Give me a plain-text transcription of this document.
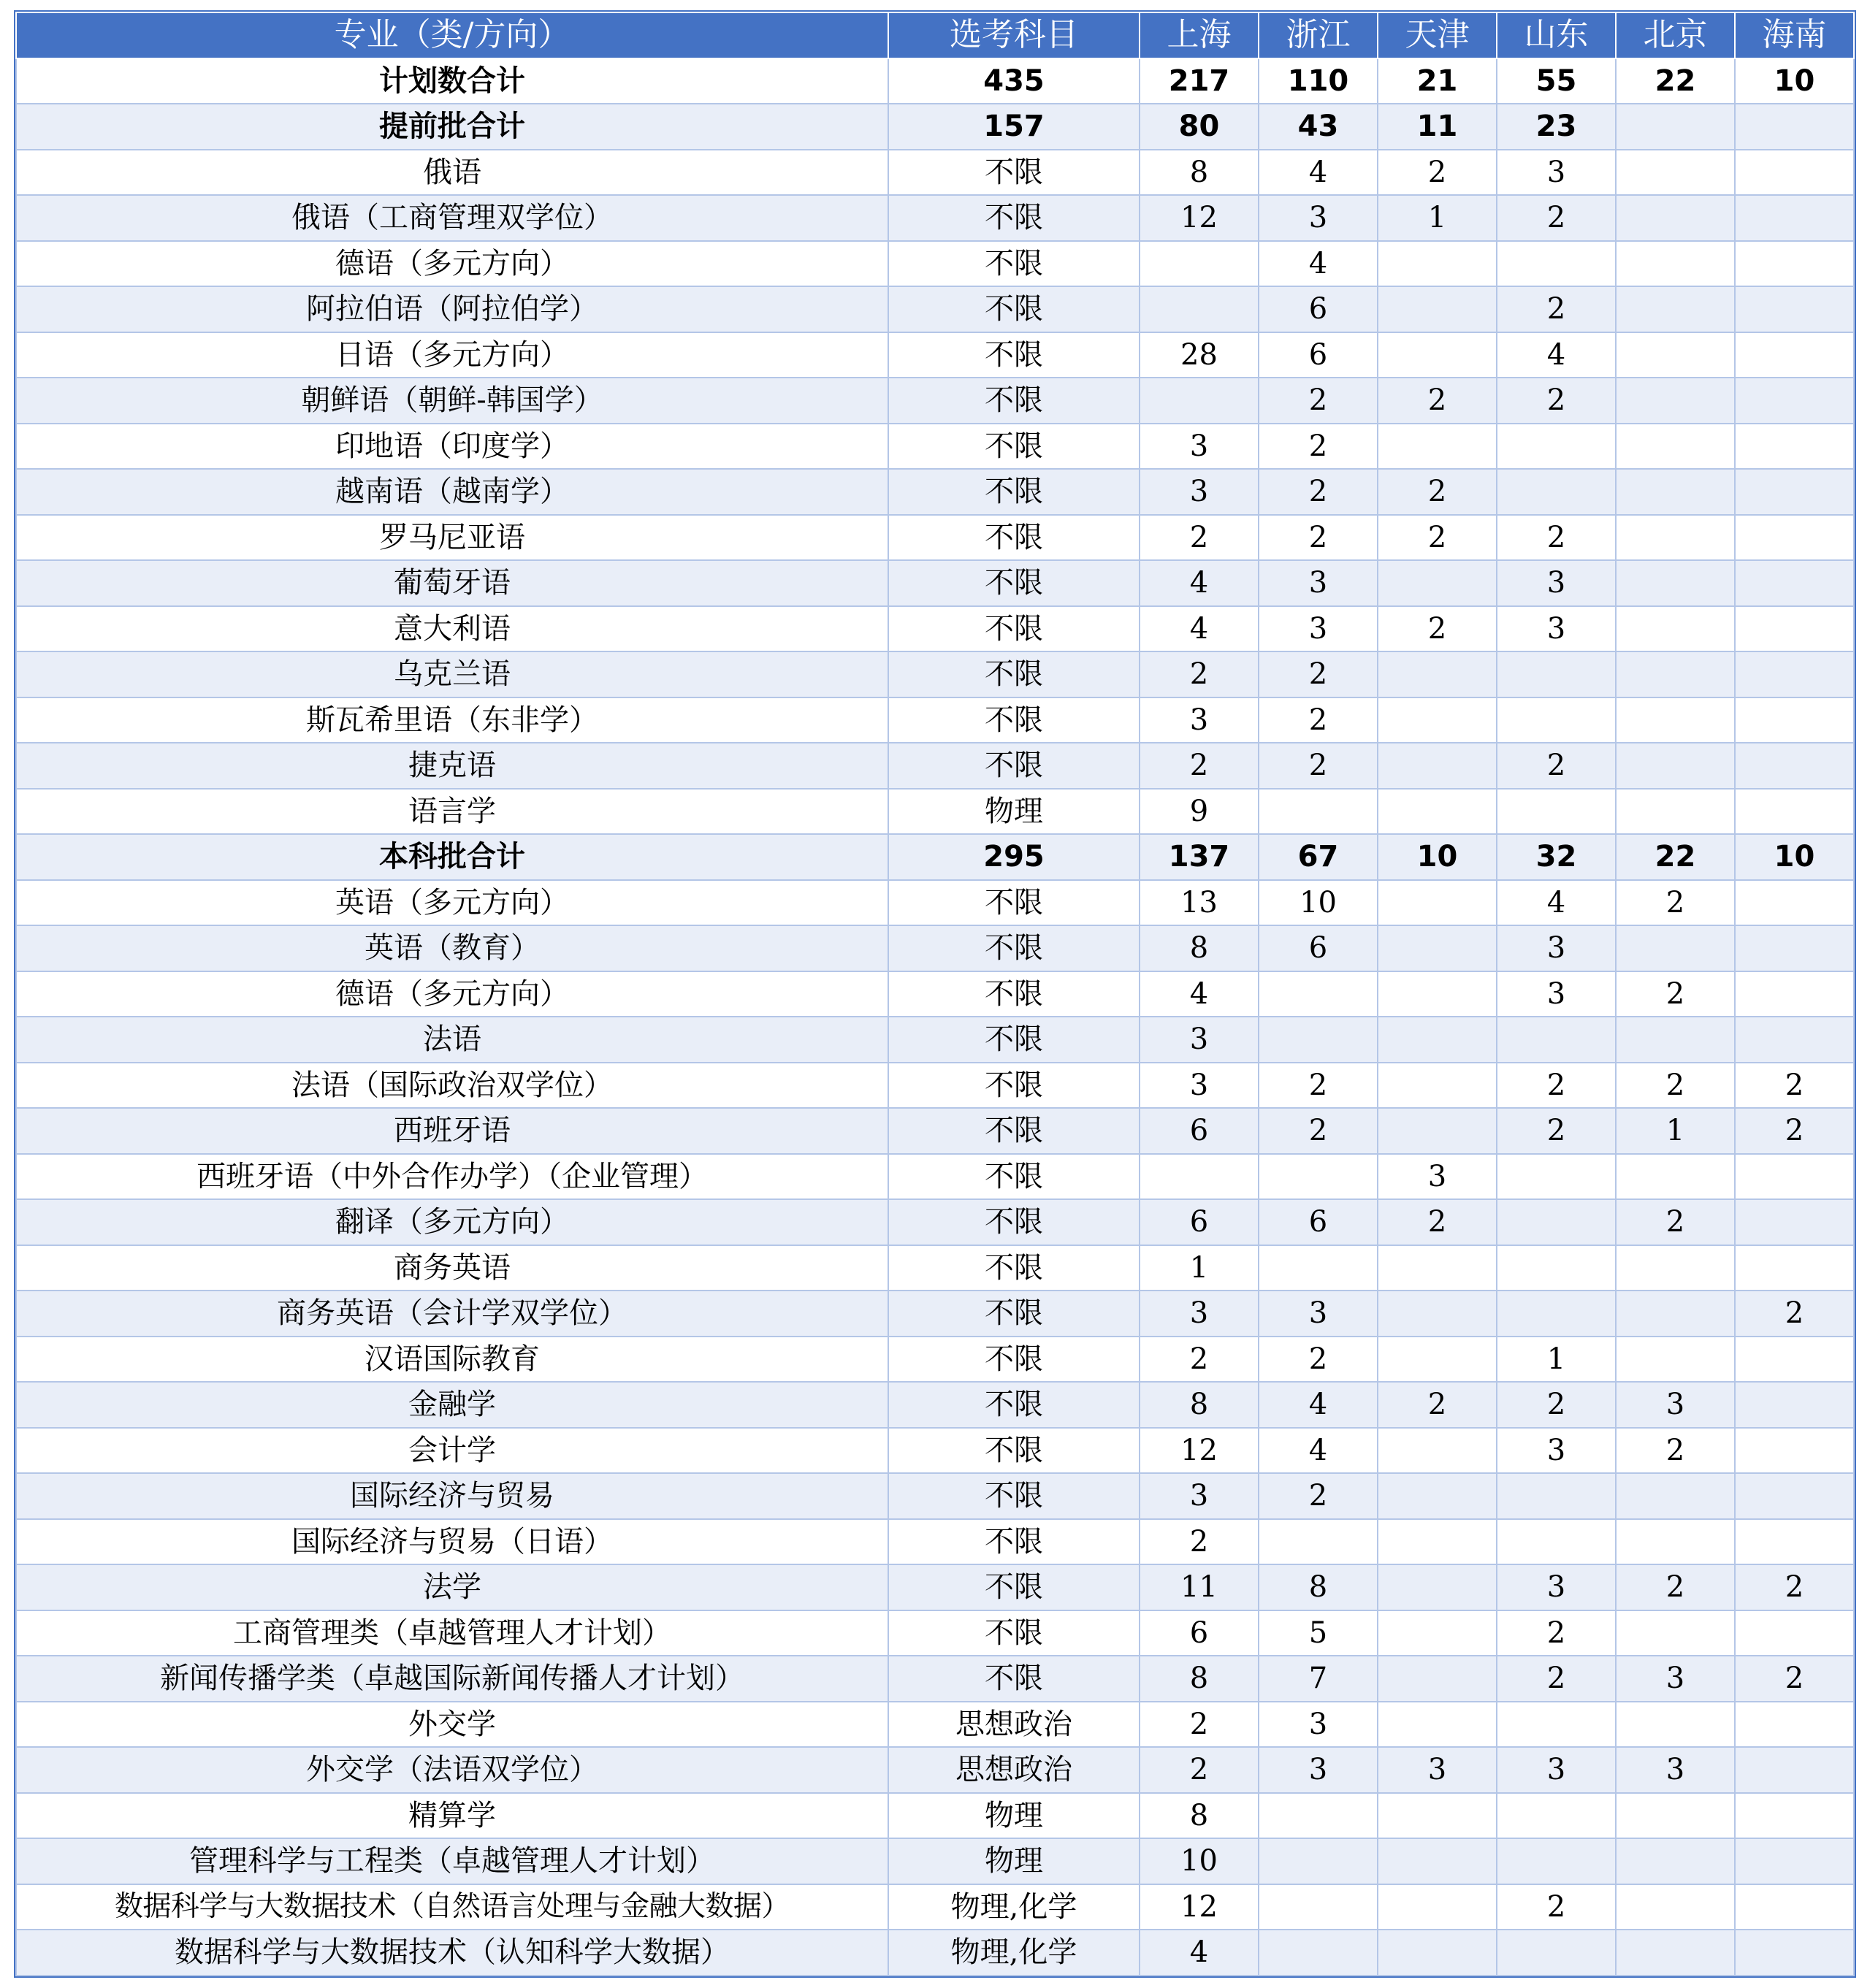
专业（类/方向）	选考科目	上海	浙江	天津	山东	北京	海南
计划数合计	435	217	110	21	55	22	10
提前批合计	157	80	43	11	23		
俄语	不限	8	4	2	3		
俄语（工商管理双学位）	不限	12	3	1	2		
德语（多元方向）	不限		4				
阿拉伯语（阿拉伯学）	不限		6		2		
日语（多元方向）	不限	28	6		4		
朝鲜语（朝鲜-韩国学）	不限		2	2	2		
印地语（印度学）	不限	3	2				
越南语（越南学）	不限	3	2	2			
罗马尼亚语	不限	2	2	2	2		
葡萄牙语	不限	4	3		3		
意大利语	不限	4	3	2	3		
乌克兰语	不限	2	2				
斯瓦希里语（东非学）	不限	3	2				
捷克语	不限	2	2		2		
语言学	物理	9					
本科批合计	295	137	67	10	32	22	10
英语（多元方向）	不限	13	10		4	2	
英语（教育）	不限	8	6		3		
德语（多元方向）	不限	4			3	2	
法语	不限	3					
法语（国际政治双学位）	不限	3	2		2	2	2
西班牙语	不限	6	2		2	1	2
西班牙语（中外合作办学）（企业管理）	不限			3			
翻译（多元方向）	不限	6	6	2		2	
商务英语	不限	1					
商务英语（会计学双学位）	不限	3	3				2
汉语国际教育	不限	2	2		1		
金融学	不限	8	4	2	2	3	
会计学	不限	12	4		3	2	
国际经济与贸易	不限	3	2				
国际经济与贸易（日语）	不限	2					
法学	不限	11	8		3	2	2
工商管理类（卓越管理人才计划）	不限	6	5		2		
新闻传播学类（卓越国际新闻传播人才计划）	不限	8	7		2	3	2
外交学	思想政治	2	3				
外交学（法语双学位）	思想政治	2	3	3	3	3	
精算学	物理	8					
管理科学与工程类（卓越管理人才计划）	物理	10					
数据科学与大数据技术（自然语言处理与金融大数据）	物理,化学	12			2		
数据科学与大数据技术（认知科学大数据）	物理,化学	4					
